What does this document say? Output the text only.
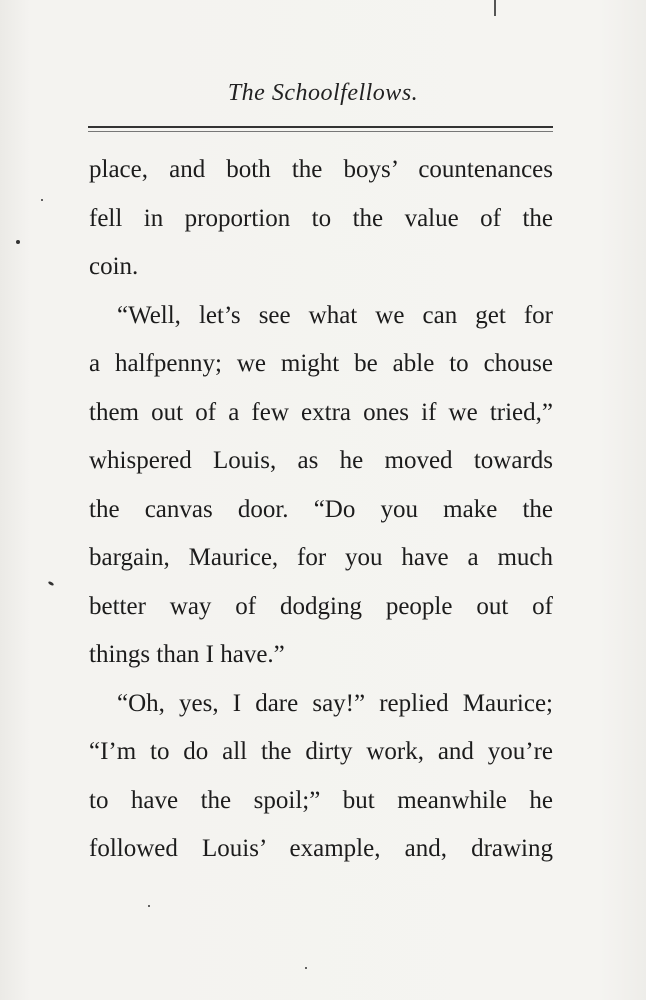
The Schoolfellows.
place, and both the boys’ countenances
fell in proportion to the value of the
coin.
“Well, let’s see what we can get for
a halfpenny; we might be able to chouse
them out of a few extra ones if we tried,”
whispered Louis, as he moved towards
the canvas door. “Do you make the
bargain, Maurice, for you have a much
better way of dodging people out of
things than I have.”
“Oh, yes, I dare say!” replied Maurice;
“I’m to do all the dirty work, and you’re
to have the spoil;” but meanwhile he
followed Louis’ example, and, drawing
